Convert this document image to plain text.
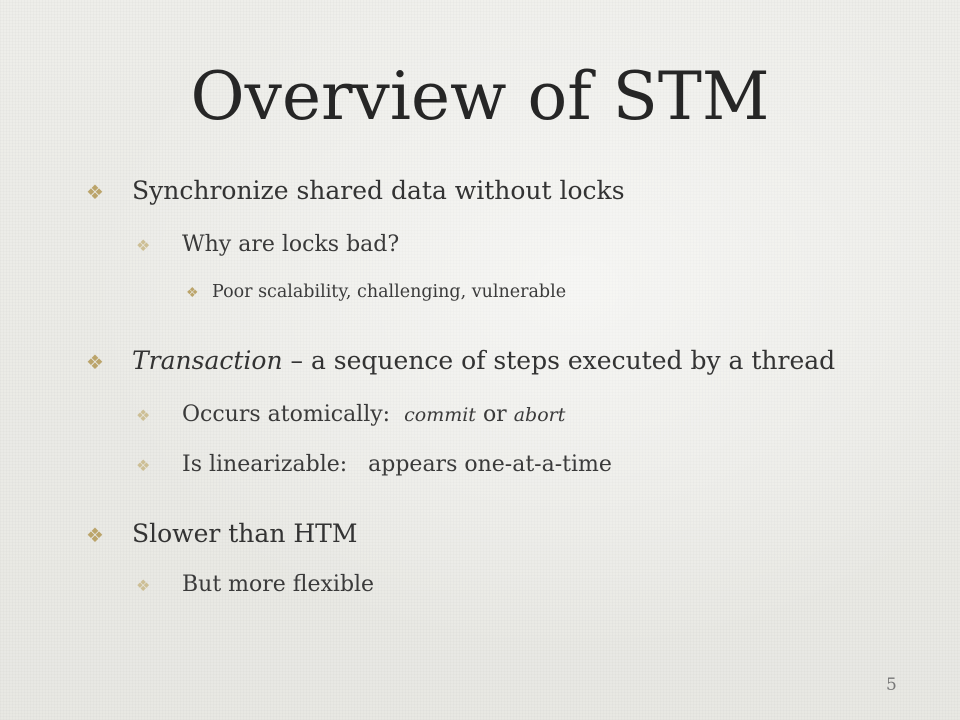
Overview of STM
❖	Synchronize shared data without locks
❖	Why are locks bad?
❖ Poor scalability, challenging, vulnerable
❖	Transaction – a sequence of steps executed by a thread
❖	Occurs atomically: commit or abort
❖	Is linearizable:   appears one-at-a-time
❖	Slower than HTM
❖	But more flexible
5
